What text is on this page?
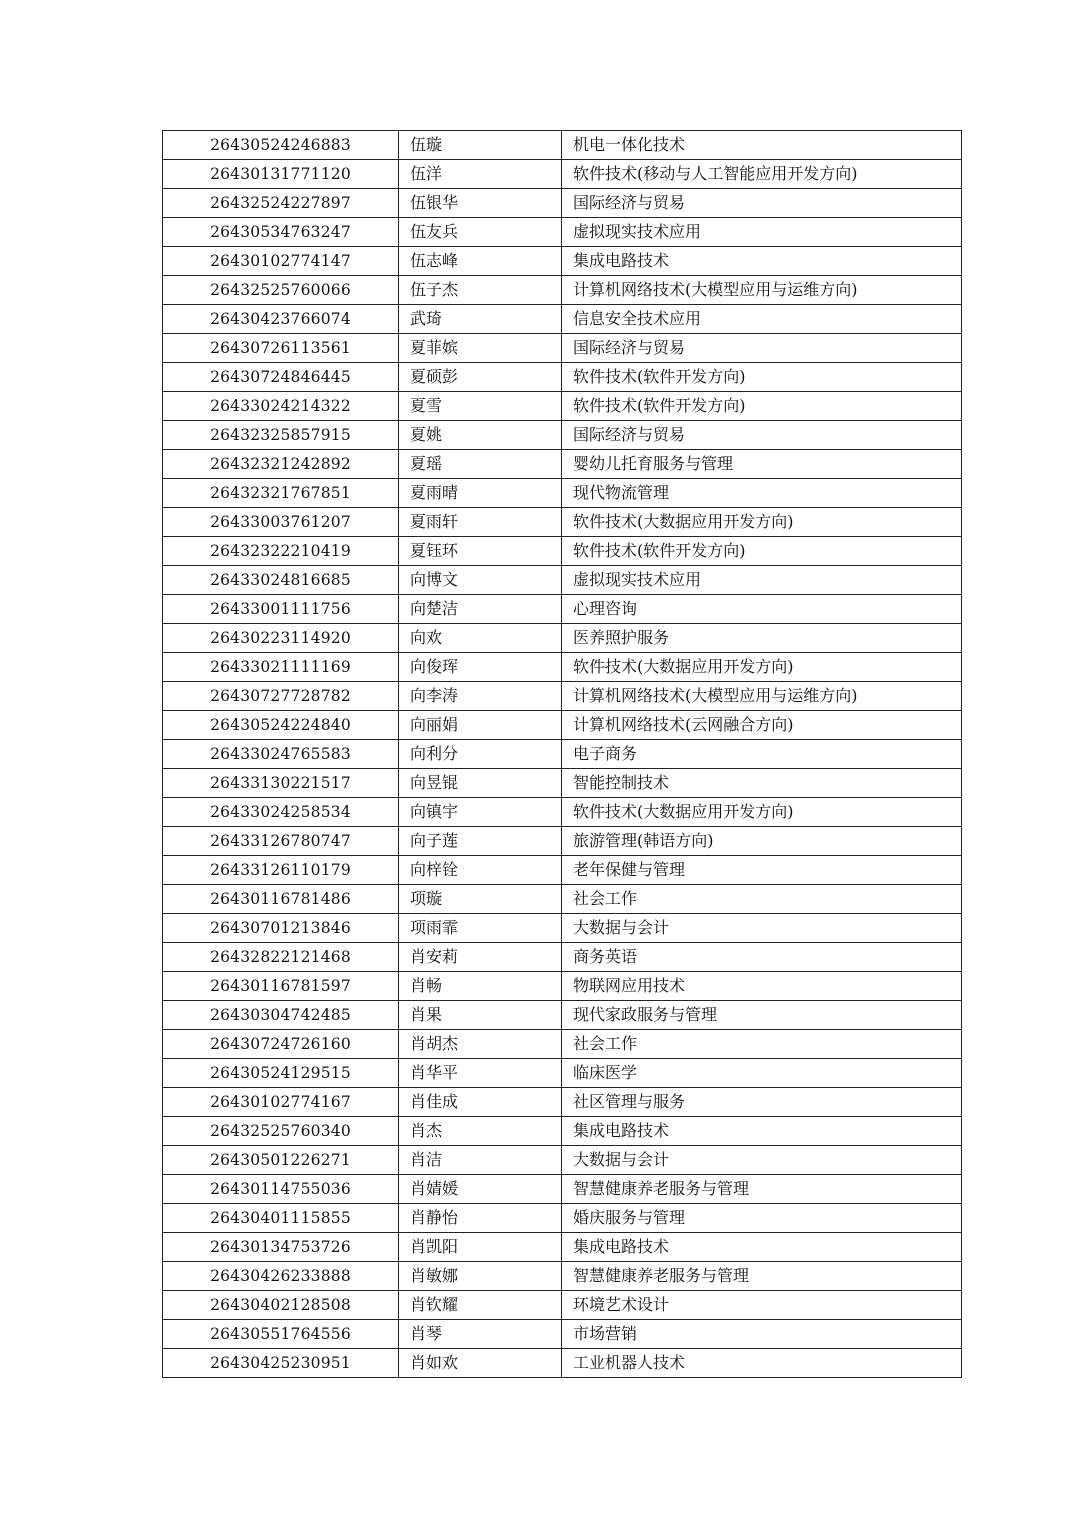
26430524246883	伍璇	机电一体化技术
26430131771120	伍洋	软件技术(移动与人工智能应用开发方向)
26432524227897	伍银华	国际经济与贸易
26430534763247	伍友兵	虚拟现实技术应用
26430102774147	伍志峰	集成电路技术
26432525760066	伍子杰	计算机网络技术(大模型应用与运维方向)
26430423766074	武琦	信息安全技术应用
26430726113561	夏菲嫔	国际经济与贸易
26430724846445	夏硕彭	软件技术(软件开发方向)
26433024214322	夏雪	软件技术(软件开发方向)
26432325857915	夏姚	国际经济与贸易
26432321242892	夏瑶	婴幼儿托育服务与管理
26432321767851	夏雨晴	现代物流管理
26433003761207	夏雨轩	软件技术(大数据应用开发方向)
26432322210419	夏钰环	软件技术(软件开发方向)
26433024816685	向博文	虚拟现实技术应用
26433001111756	向楚洁	心理咨询
26430223114920	向欢	医养照护服务
26433021111169	向俊珲	软件技术(大数据应用开发方向)
26430727728782	向李涛	计算机网络技术(大模型应用与运维方向)
26430524224840	向丽娟	计算机网络技术(云网融合方向)
26433024765583	向利分	电子商务
26433130221517	向昱锟	智能控制技术
26433024258534	向镇宇	软件技术(大数据应用开发方向)
26433126780747	向子莲	旅游管理(韩语方向)
26433126110179	向梓铨	老年保健与管理
26430116781486	项璇	社会工作
26430701213846	项雨霏	大数据与会计
26432822121468	肖安莉	商务英语
26430116781597	肖畅	物联网应用技术
26430304742485	肖果	现代家政服务与管理
26430724726160	肖胡杰	社会工作
26430524129515	肖华平	临床医学
26430102774167	肖佳成	社区管理与服务
26432525760340	肖杰	集成电路技术
26430501226271	肖洁	大数据与会计
26430114755036	肖婧媛	智慧健康养老服务与管理
26430401115855	肖静怡	婚庆服务与管理
26430134753726	肖凯阳	集成电路技术
26430426233888	肖敏娜	智慧健康养老服务与管理
26430402128508	肖钦耀	环境艺术设计
26430551764556	肖琴	市场营销
26430425230951	肖如欢	工业机器人技术
